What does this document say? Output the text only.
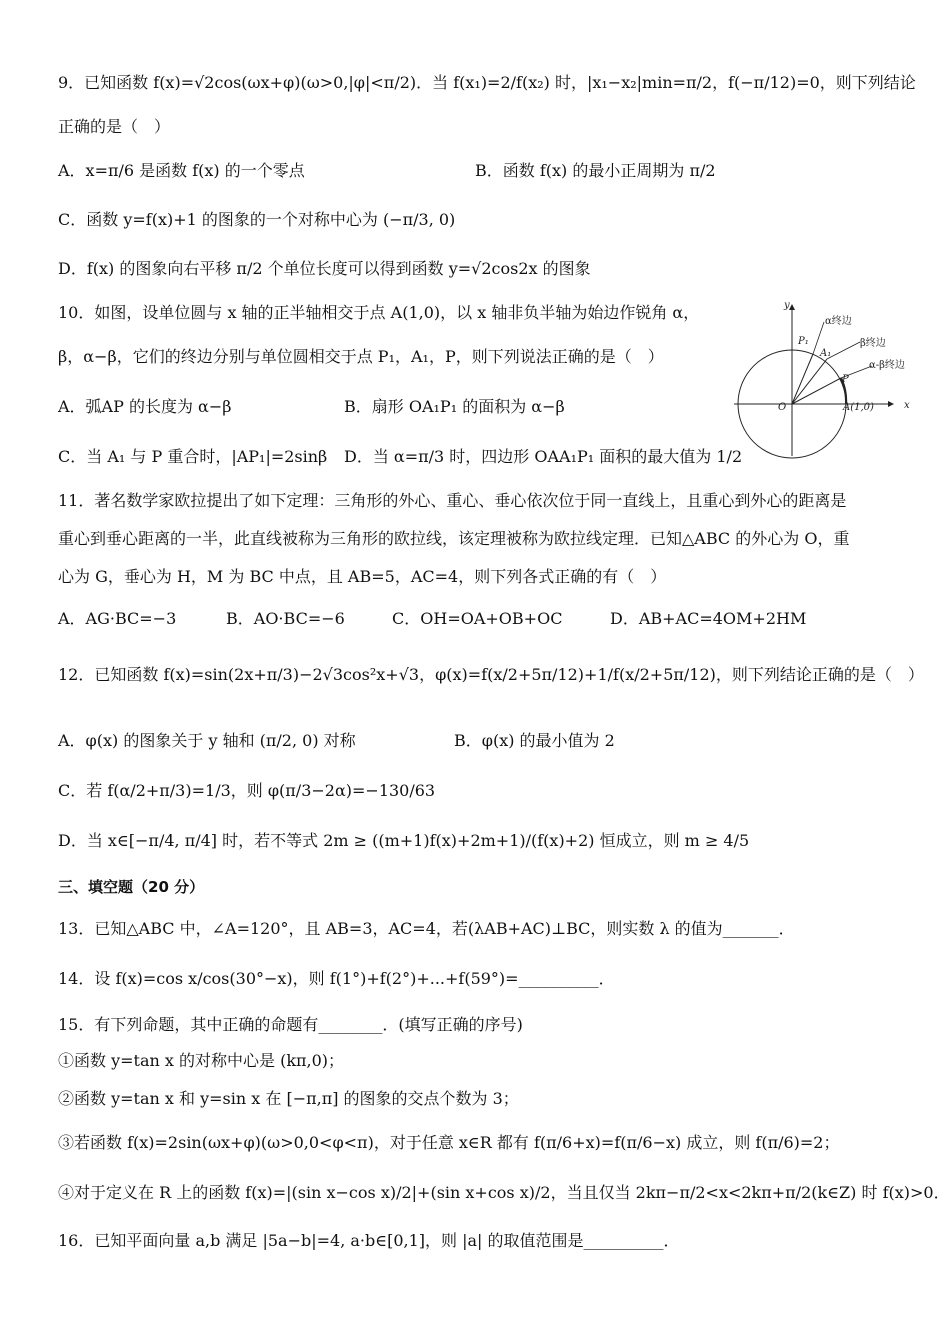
9．已知函数 f(x)=√2cos(ωx+φ)(ω>0,|φ|<π/2)．当 f(x₁)=2/f(x₂) 时，|x₁−x₂|min=π/2，f(−π/12)=0，则下列结论
正确的是（　）
A．x=π/6 是函数 f(x) 的一个零点	B．函数 f(x) 的最小正周期为 π/2
C．函数 y=f(x)+1 的图象的一个对称中心为 (−π/3, 0)
D．f(x) 的图象向右平移 π/2 个单位长度可以得到函数 y=√2cos2x 的图象
10．如图，设单位圆与 x 轴的正半轴相交于点 A(1,0)，以 x 轴非负半轴为始边作锐角 α，
β，α−β，它们的终边分别与单位圆相交于点 P₁，A₁，P，则下列说法正确的是（　）
A．弧AP 的长度为 α−β	B．扇形 OA₁P₁ 的面积为 α−β
C．当 A₁ 与 P 重合时，|AP₁|=2sinβ D．当 α=π/3 时，四边形 OAA₁P₁ 面积的最大值为 1/2
11．著名数学家欧拉提出了如下定理：三角形的外心、重心、垂心依次位于同一直线上，且重心到外心的距离是
重心到垂心距离的一半，此直线被称为三角形的欧拉线，该定理被称为欧拉线定理．已知△ABC 的外心为 O，重
心为 G，垂心为 H，M 为 BC 中点，且 AB=5，AC=4，则下列各式正确的有（　）
A．AG·BC=−3	B．AO·BC=−6	C．OH=OA+OB+OC	D．AB+AC=4OM+2HM
12．已知函数 f(x)=sin(2x+π/3)−2√3cos²x+√3，φ(x)=f(x/2+5π/12)+1/f(x/2+5π/12)，则下列结论正确的是（　）
A．φ(x) 的图象关于 y 轴和 (π/2, 0) 对称	B．φ(x) 的最小值为 2
C．若 f(α/2+π/3)=1/3，则 φ(π/3−2α)=−130/63
D．当 x∈[−π/4, π/4] 时，若不等式 2m ≥ ((m+1)f(x)+2m+1)/(f(x)+2) 恒成立，则 m ≥ 4/5
三、填空题（20 分）
13．已知△ABC 中，∠A=120°，且 AB=3，AC=4，若(λAB+AC)⊥BC，则实数 λ 的值为_______．
14．设 f(x)=cos x/cos(30°−x)，则 f(1°)+f(2°)+...+f(59°)=__________．
15．有下列命题，其中正确的命题有________．(填写正确的序号)
①函数 y=tan x 的对称中心是 (kπ,0)；
②函数 y=tan x 和 y=sin x 在 [−π,π] 的图象的交点个数为 3；
③若函数 f(x)=2sin(ωx+φ)(ω>0,0<φ<π)，对于任意 x∈R 都有 f(π/6+x)=f(π/6−x) 成立，则 f(π/6)=2；
④对于定义在 R 上的函数 f(x)=|(sin x−cos x)/2|+(sin x+cos x)/2，当且仅当 2kπ−π/2<x<2kπ+π/2(k∈Z) 时 f(x)>0．
16．已知平面向量 a,b 满足 |5a−b|=4, a·b∈[0,1]，则 |a| 的取值范围是__________．
y
x
O	A(1,0)
P₁
A₁
P
α终边
β终边
α-β终边
